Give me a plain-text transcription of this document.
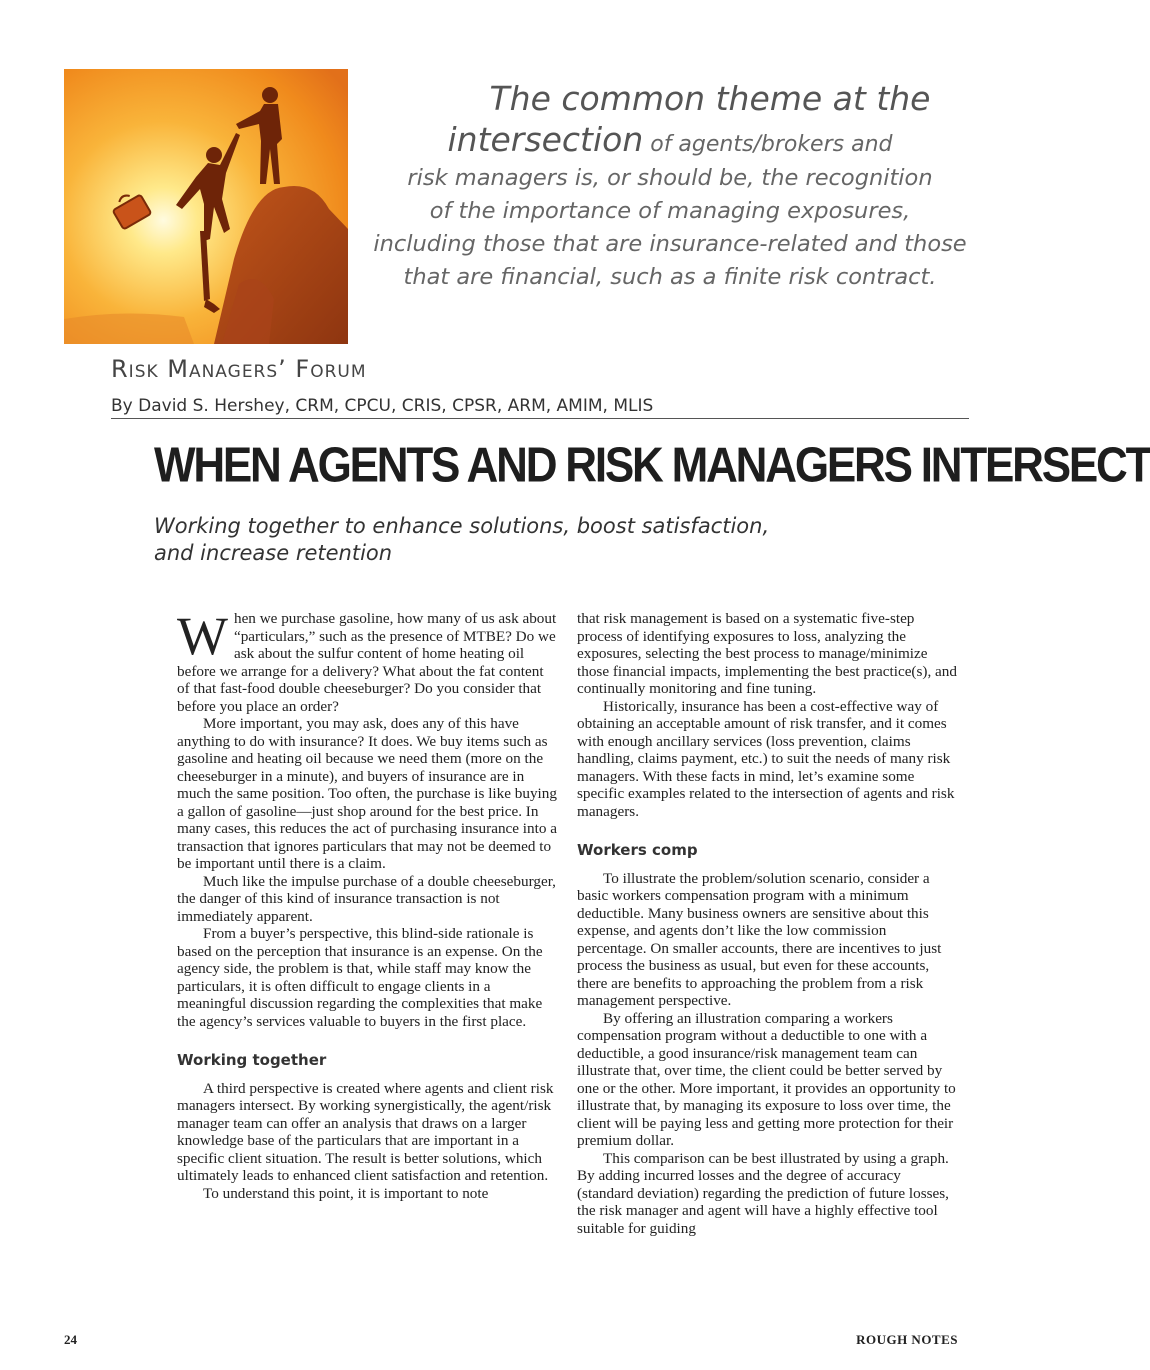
The common theme at the
intersection of agents/brokers and
risk managers is, or should be, the recognition
of the importance of managing exposures,
including those that are insurance-related and those
that are financial, such as a finite risk contract.
Risk Managers’ Forum
By David S. Hershey, CRM, CPCU, CRIS, CPSR, ARM, AMIM, MLIS
WHEN AGENTS AND RISK MANAGERS INTERSECT
Working together to enhance solutions, boost satisfaction,
and increase retention

When we purchase gasoline, how many of us ask about “particulars,” such as the presence of MTBE? Do we ask about the sulfur content of home heating oil before we arrange for a delivery? What about the fat content of that fast-food double cheeseburger? Do you consider that before you place an order?

More important, you may ask, does any of this have anything to do with insurance? It does. We buy items such as gasoline and heating oil because we need them (more on the cheeseburger in a minute), and buyers of insurance are in much the same position. Too often, the purchase is like buying a gallon of gasoline—just shop around for the best price. In many cases, this reduces the act of purchasing insurance into a transaction that ignores particulars that may not be deemed to be important until there is a claim.

Much like the impulse purchase of a double cheeseburger, the danger of this kind of insurance transaction is not immediately apparent.

From a buyer’s perspective, this blind-side rationale is based on the perception that insurance is an expense. On the agency side, the problem is that, while staff may know the particulars, it is often difficult to engage clients in a meaningful discussion regarding the complexities that make the agency’s services valuable to buyers in the first place.

Working together

A third perspective is created where agents and client risk managers intersect. By working synergistically, the agent/risk manager team can offer an analysis that draws on a larger knowledge base of the particulars that are important in a specific client situation. The result is better solutions, which ultimately leads to enhanced client satisfaction and retention.

To understand this point, it is important to note

that risk management is based on a systematic five-step process of identifying exposures to loss, analyzing the exposures, selecting the best process to manage/minimize those financial impacts, implementing the best practice(s), and continually monitoring and fine tuning.

Historically, insurance has been a cost-effective way of obtaining an acceptable amount of risk transfer, and it comes with enough ancillary services (loss prevention, claims handling, claims payment, etc.) to suit the needs of many risk managers. With these facts in mind, let’s examine some specific examples related to the intersection of agents and risk managers.

Workers comp

To illustrate the problem/solution scenario, consider a basic workers compensation program with a minimum deductible. Many business owners are sensitive about this expense, and agents don’t like the low commission percentage. On smaller accounts, there are incentives to just process the business as usual, but even for these accounts, there are benefits to approaching the problem from a risk management perspective.

By offering an illustration comparing a workers compensation program without a deductible to one with a deductible, a good insurance/risk management team can illustrate that, over time, the client could be better served by one or the other. More important, it provides an opportunity to illustrate that, by managing its exposure to loss over time, the client will be paying less and getting more protection for their premium dollar.

This comparison can be best illustrated by using a graph. By adding incurred losses and the degree of accuracy (standard deviation) regarding the prediction of future losses, the risk manager and agent will have a highly effective tool suitable for guiding

24	ROUGH NOTES
